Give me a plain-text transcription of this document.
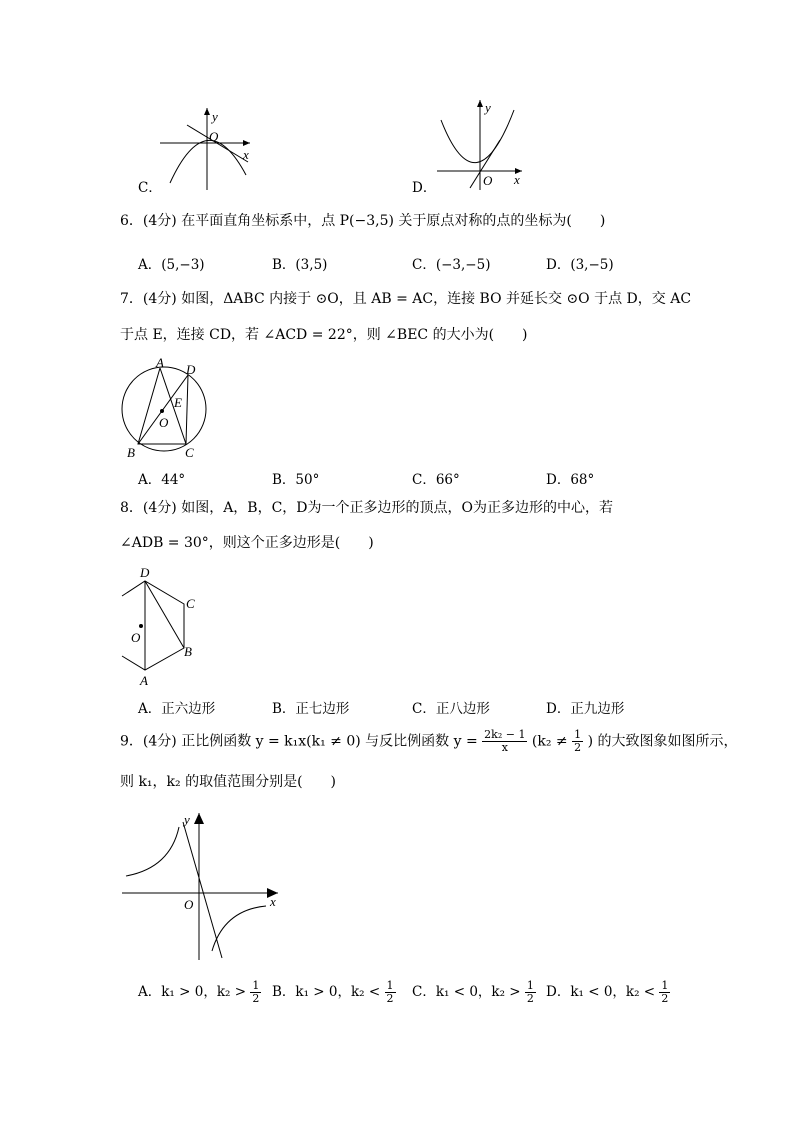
C．
y
x
O
D．
y
x
O
6．(4分) 在平面直角坐标系中，点 P(−3,5) 关于原点对称的点的坐标为(　　)
A．(5,−3)	B．(3,5)	C．(−3,−5)	D．(3,−5)
7．(4分) 如图，ΔABC 内接于 ⊙O，且 AB = AC，连接 BO 并延长交 ⊙O 于点 D，交 AC
于点 E，连接 CD，若 ∠ACD = 22°，则 ∠BEC 的大小为(　　)
A D
E
O
B	C
A．44°	B．50°	C．66°	D．68°
8．(4分) 如图，A，B，C，D为一个正多边形的顶点，O为正多边形的中心，若
∠ADB = 30°，则这个正多边形是(　　)
D
C
O
B
A
A．正六边形	B．正七边形	C．正八边形	D．正九边形
9．(4分) 正比例函数 y = k₁x(k₁ ≠ 0) 与反比例函数 $y = \frac{\text{2k₂ − 1}}{x} (k_2 \ne \frac{1}{2}$ ) 的大致图象如图所示，
则 k₁，k₂ 的取值范围分别是(　　)
y
x
O
A．k₁ > 0，$k_2 > \frac{1}{2}$ B．k₁ > 0，$k_2 < \frac{1}{2}$ C．k₁ < 0，$k_2 > \frac{1}{2}$ D．k₁ < 0，$k_2 < \frac{1}{2}$
